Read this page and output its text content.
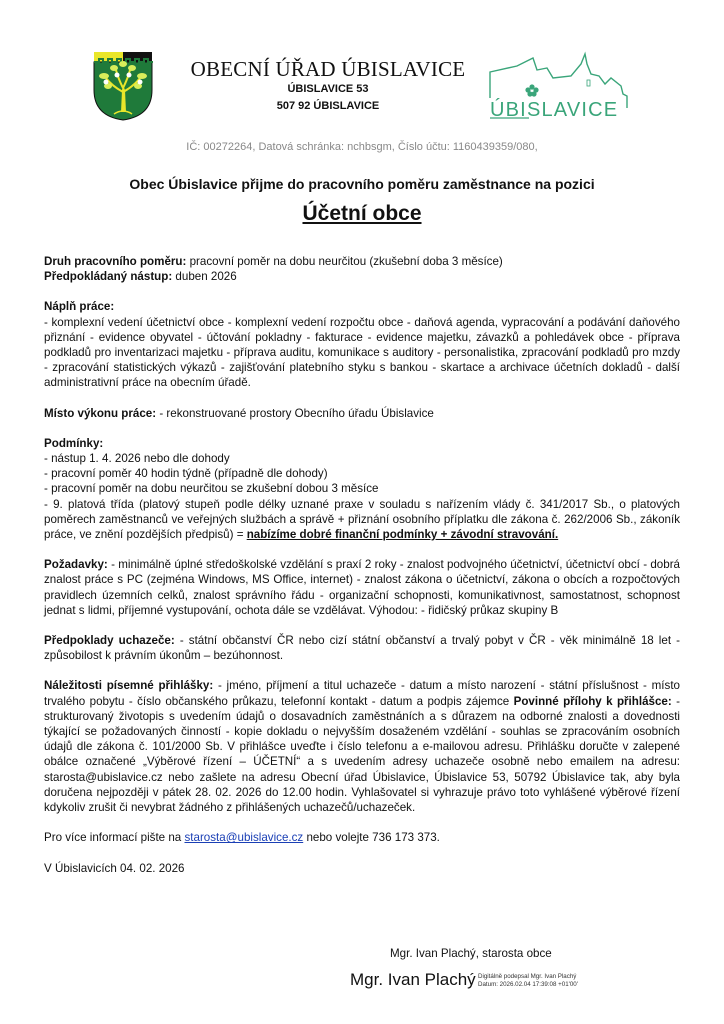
OBECNÍ ÚŘAD ÚBISLAVICE
ÚBISLAVICE 53
507 92 ÚBISLAVICE	ÚBISLAVICE
IČ: 00272264, Datová schránka: nchbsgm, Číslo účtu: 1160439359/080,
Obec Úbislavice přijme do pracovního poměru zaměstnance na pozici
Účetní obce

Druh pracovního poměru: pracovní poměr na dobu neurčitou (zkušební doba 3 měsíce)

Předpokládaný nástup: duben 2026

Náplň práce:

- komplexní vedení účetnictví obce - komplexní vedení rozpočtu obce - daňová agenda, vypracování a podávání daňového přiznání - evidence obyvatel - účtování pokladny - fakturace - evidence majetku, závazků a pohledávek obce - příprava podkladů pro inventarizaci majetku - příprava auditu, komunikace s auditory - personalistika, zpracování podkladů pro mzdy - zpracování statistických výkazů - zajišťování platebního styku s bankou - skartace a archivace účetních dokladů - další administrativní práce na obecním úřadě.

Místo výkonu práce: - rekonstruované prostory Obecního úřadu Úbislavice

Podmínky:

- nástup 1. 4. 2026 nebo dle dohody

- pracovní poměr 40 hodin týdně (případně dle dohody)

- pracovní poměr na dobu neurčitou se zkušební dobou 3 měsíce

- 9. platová třída (platový stupeň podle délky uznané praxe v souladu s nařízením vlády č. 341/2017 Sb., o platových poměrech zaměstnanců ve veřejných službách a správě + přiznání osobního příplatku dle zákona č. 262/2006 Sb., zákoník práce, ve znění pozdějších předpisů) = nabízíme dobré finanční podmínky + závodní stravování.

Požadavky: - minimálně úplné středoškolské vzdělání s praxí 2 roky - znalost podvojného účetnictví, účetnictví obcí - dobrá znalost práce s PC (zejména Windows, MS Office, internet) - znalost zákona o účetnictví, zákona o obcích a rozpočtových pravidlech územních celků, znalost správního řádu - organizační schopnosti, komunikativnost, samostatnost, schopnost jednat s lidmi, příjemné vystupování, ochota dále se vzdělávat. Výhodou: - řidičský průkaz skupiny B

Předpoklady uchazeče: - státní občanství ČR nebo cizí státní občanství a trvalý pobyt v ČR - věk minimálně 18 let - způsobilost k právním úkonům – bezúhonnost.

Náležitosti písemné přihlášky: - jméno, příjmení a titul uchazeče - datum a místo narození - státní příslušnost - místo trvalého pobytu - číslo občanského průkazu, telefonní kontakt - datum a podpis zájemce Povinné přílohy k přihlášce: - strukturovaný životopis s uvedením údajů o dosavadních zaměstnáních a s důrazem na odborné znalosti a dovednosti týkající se požadovaných činností - kopie dokladu o nejvyšším dosaženém vzdělání - souhlas se zpracováním osobních údajů dle zákona č. 101/2000 Sb. V přihlášce uveďte i číslo telefonu a e-mailovou adresu. Přihlášku doručte v zalepené obálce označené „Výběrové řízení – ÚČETNÍ“ a s uvedením adresy uchazeče osobně nebo emailem na adresu: starosta@ubislavice.cz nebo zašlete na adresu Obecní úřad Úbislavice, Úbislavice 53, 50792 Úbislavice tak, aby byla doručena nejpozději v pátek 28. 02. 2026 do 12.00 hodin. Vyhlašovatel si vyhrazuje právo toto vyhlášené výběrové řízení kdykoliv zrušit či nevybrat žádného z přihlášených uchazečů/uchazeček.

Pro více informací pište na starosta@ubislavice.cz nebo volejte 736 173 373.

V Úbislavicích 04. 02. 2026

Mgr. Ivan Plachý, starosta obce
Mgr. Ivan Plachý Digitálně podepsal Mgr. Ivan Plachý
Datum: 2026.02.04 17:39:08 +01'00'
